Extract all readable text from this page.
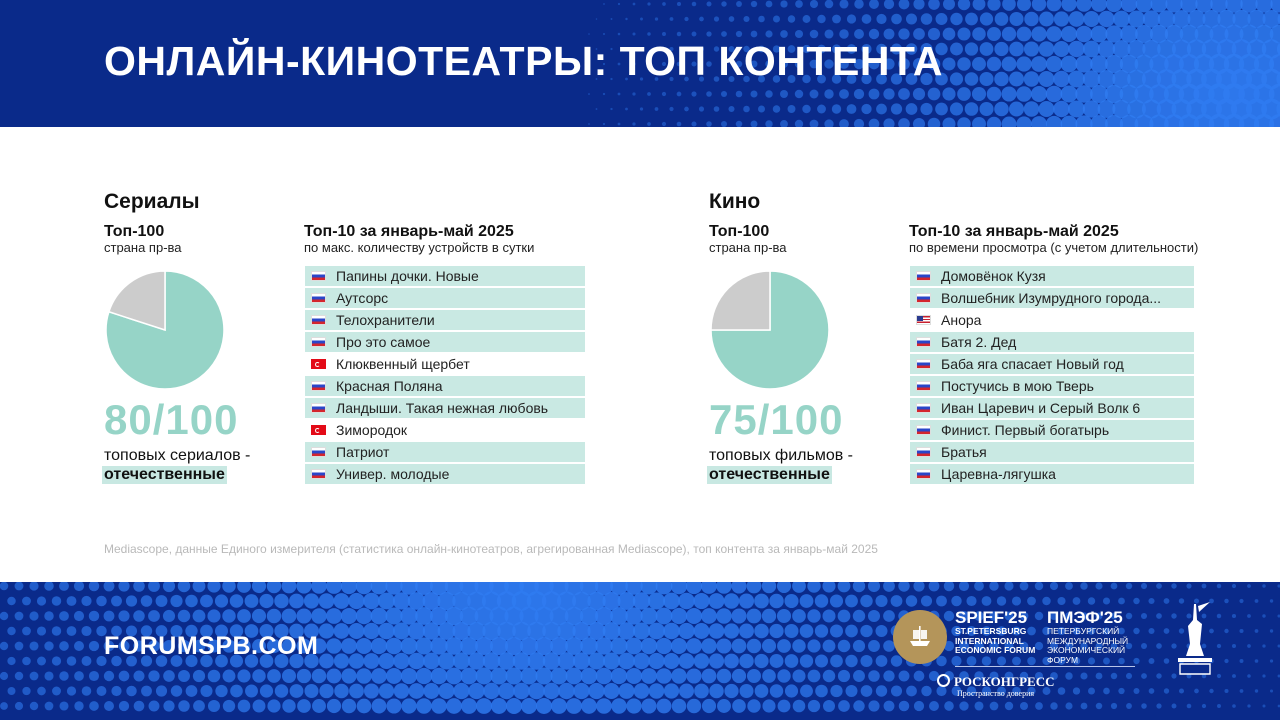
ОНЛАЙН-КИНОТЕАТРЫ: ТОП КОНТЕНТА
Сериалы

Топ-100

страна пр-ва

80/100

топовых сериалов -

отечественные

Топ-10 за январь-май 2025

по макс. количеству устройств в сутки

Папины дочки. Новые
Аутсорс
Телохранители
Про это самое
Клюквенный щербет
Красная Поляна
Ландыши. Такая нежная любовь
Зимородок
Патриот
Универ. молодые
Кино

Топ-100

страна пр-ва

75/100

топовых фильмов -

отечественные

Топ-10 за январь-май 2025

по времени просмотра (с учетом длительности)

Домовёнок Кузя
Волшебник Изумрудного города...
Анора
Батя 2. Дед
Баба яга спасает Новый год
Постучись в мою Тверь
Иван Царевич и Серый Волк 6
Финист. Первый богатырь
Братья
Царевна-лягушка

Mediascope, данные Единого измерителя (статистика онлайн-кинотеатров, агрегированная Mediascope), топ контента за январь-май 2025

FORUMSPB.COM

SPIEF'25
ST.PETERSBURG INTERNATIONAL ECONOMIC FORUM
ПМЭФ'25
ПЕТЕРБУРГСКИЙ МЕЖДУНАРОДНЫЙ ЭКОНОМИЧЕСКИЙ ФОРУМ
РОСКОНГРЕСС
Пространство доверия
